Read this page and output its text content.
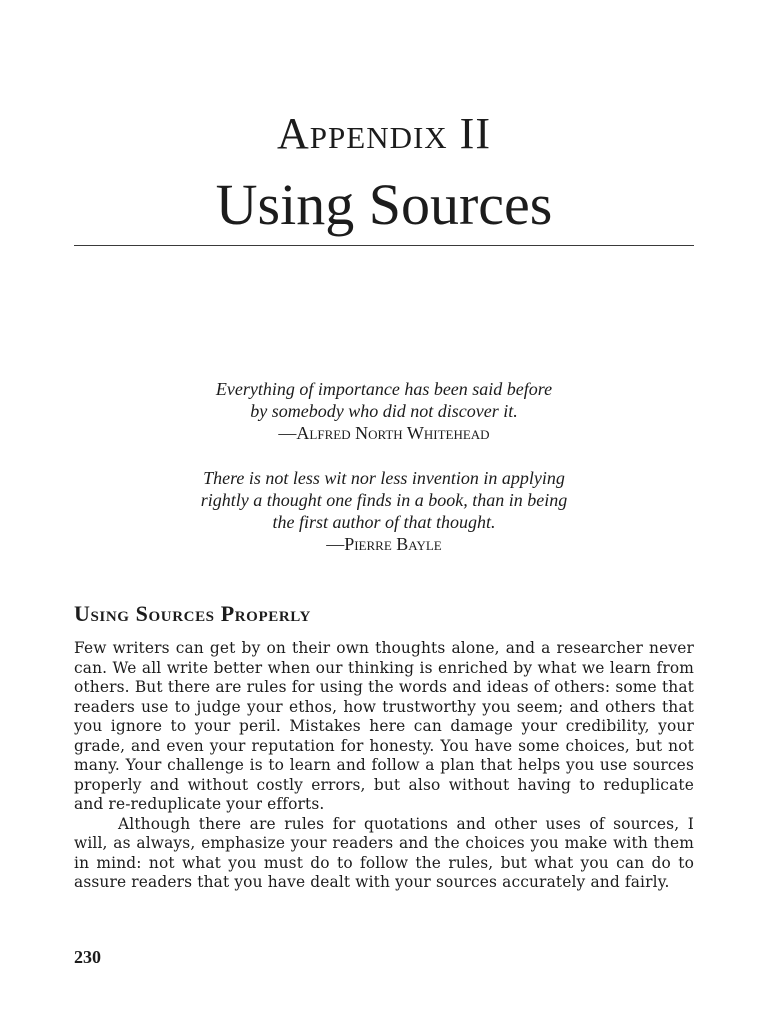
Appendix II
Using Sources

Everything of importance has been said before

by somebody who did not discover it.

—Alfred North Whitehead

There is not less wit nor less invention in applying

rightly a thought one finds in a book, than in being

the first author of that thought.

—Pierre Bayle

Using Sources Properly

Few writers can get by on their own thoughts alone, and a researcher never can. We all write better when our thinking is enriched by what we learn from others. But there are rules for using the words and ideas of others: some that readers use to judge your ethos, how trustworthy you seem; and others that you ignore to your peril. Mistakes here can damage your credibility, your grade, and even your reputation for honesty. You have some choices, but not many. Your challenge is to learn and follow a plan that helps you use sources properly and without costly errors, but also without having to reduplicate and re-reduplicate your efforts.

Although there are rules for quotations and other uses of sources, I will, as always, emphasize your readers and the choices you make with them in mind: not what you must do to follow the rules, but what you can do to assure readers that you have dealt with your sources accurately and fairly.

230
